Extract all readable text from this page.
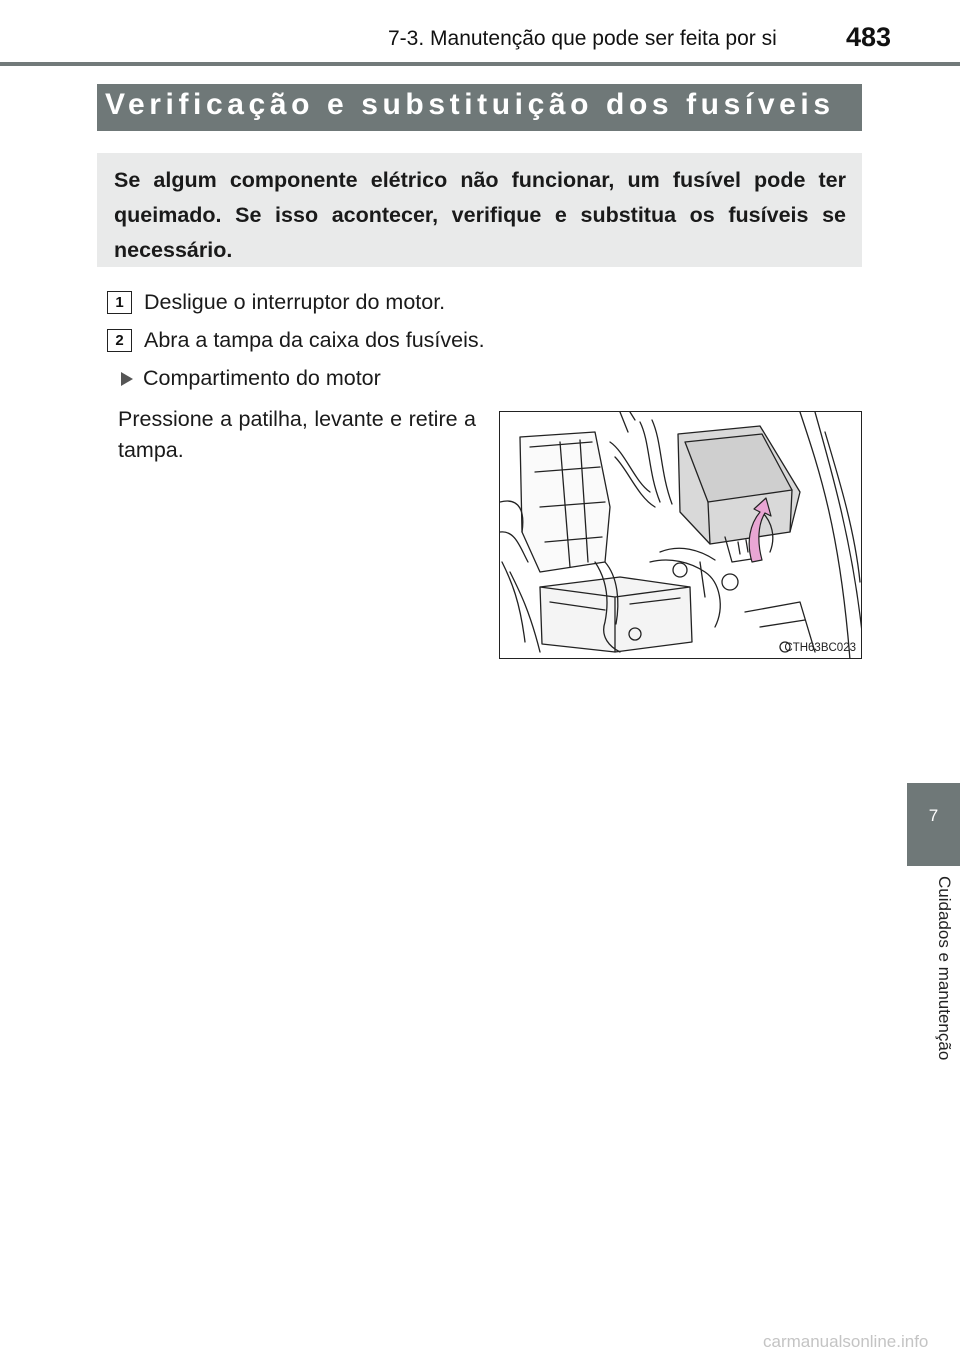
7-3. Manutenção que pode ser feita por si	483
Verificação e substituição dos fusíveis
Se algum componente elétrico não funcionar, um fusível pode ter queimado. Se isso acontecer, verifique e substitua os fusíveis se necessário.
1 Desligue o interruptor do motor.
2 Abra a tampa da caixa dos fusíveis.
Compartimento do motor
Pressione a patilha, levante e retire a tampa.
CTH63BC023
7
Cuidados e manutenção
carmanualsonline.info
